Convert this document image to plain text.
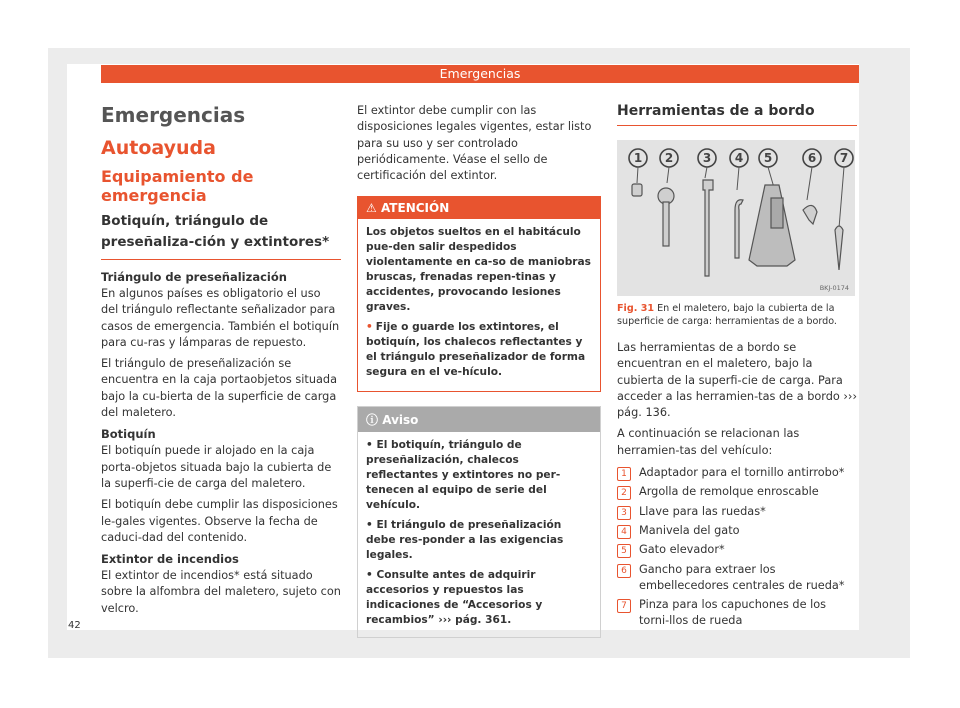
Emergencias
Emergencias
Autoayuda
Equipamiento de emergencia
Botiquín, triángulo de preseñaliza-ción y extintores*
Triángulo de preseñalización

En algunos países es obligatorio el uso del triángulo reflectante señalizador para casos de emergencia. También el botiquín para cu-ras y lámparas de repuesto.

El triángulo de preseñalización se encuentra en la caja portaobjetos situada bajo la cu-bierta de la superficie de carga del maletero.

Botiquín

El botiquín puede ir alojado en la caja porta-objetos situada bajo la cubierta de la superfi-cie de carga del maletero.

El botiquín debe cumplir las disposiciones le-gales vigentes. Observe la fecha de caduci-dad del contenido.

Extintor de incendios

El extintor de incendios* está situado sobre la alfombra del maletero, sujeto con velcro.

El extintor debe cumplir con las disposiciones legales vigentes, estar listo para su uso y ser controlado periódicamente. Véase el sello de certificación del extintor.

⚠ ATENCIÓN

Los objetos sueltos en el habitáculo pue-den salir despedidos violentamente en ca-so de maniobras bruscas, frenadas repen-tinas y accidentes, provocando lesiones graves.

• Fije o guarde los extintores, el botiquín, los chalecos reflectantes y el triángulo preseñalizador de forma segura en el ve-hículo.

ⓘ Aviso

• El botiquín, triángulo de preseñalización, chalecos reflectantes y extintores no per-tenecen al equipo de serie del vehículo.

• El triángulo de preseñalización debe res-ponder a las exigencias legales.

• Consulte antes de adquirir accesorios y repuestos las indicaciones de “Accesorios y recambios” ››› pág. 361.

Herramientas de a bordo
1 2 3 4 5	6 7
BKJ-0174
Fig. 31 En el maletero, bajo la cubierta de la superficie de carga: herramientas de a bordo.

Las herramientas de a bordo se encuentran en el maletero, bajo la cubierta de la superfi-cie de carga. Para acceder a las herramien-tas de a bordo ››› pág. 136.

A continuación se relacionan las herramien-tas del vehículo:

1	Adaptador para el tornillo antirrobo*
2	Argolla de remolque enroscable
3	Llave para las ruedas*
4	Manivela del gato
5	Gato elevador*
6	Gancho para extraer los embellecedores centrales de rueda*
7	Pinza para los capuchones de los torni-llos de rueda
42
